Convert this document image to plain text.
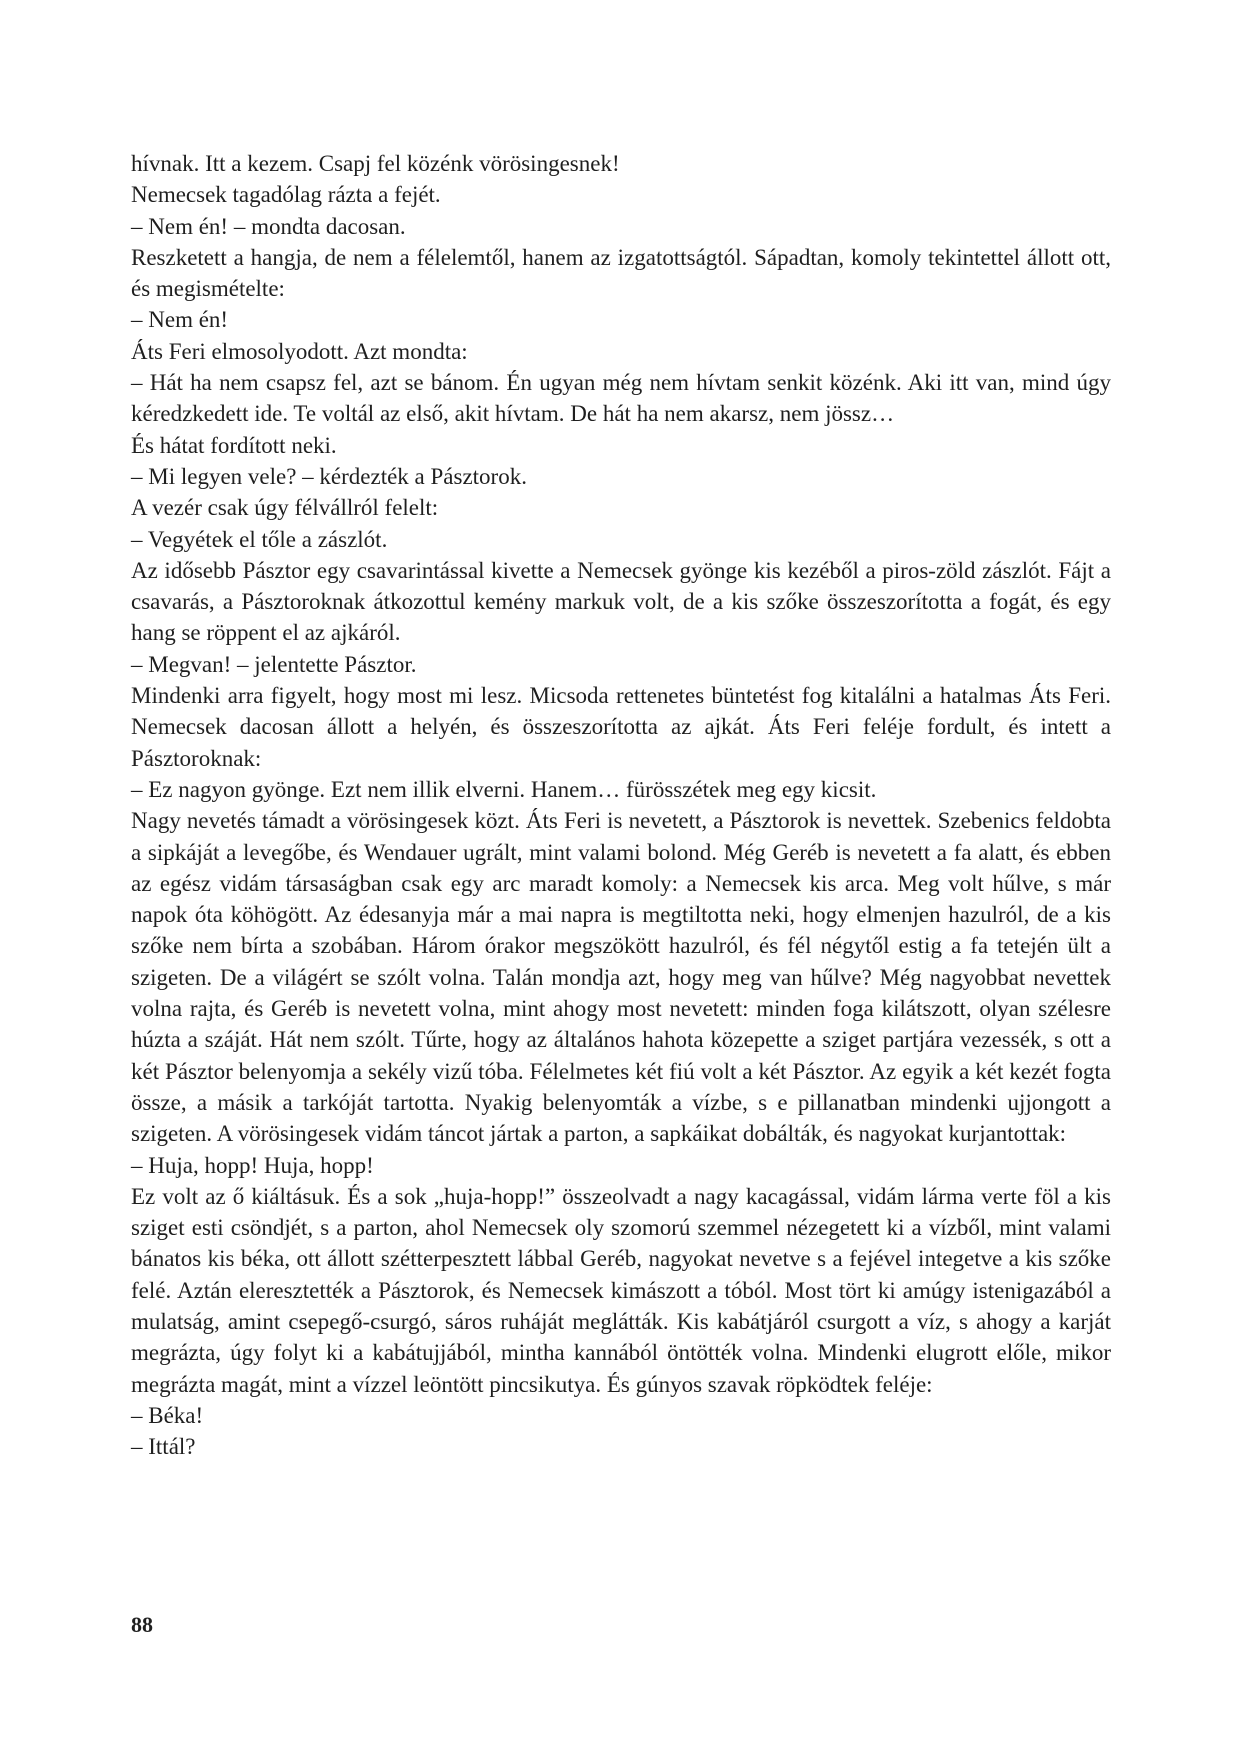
hívnak. Itt a kezem. Csapj fel közénk vörösingesnek!

Nemecsek tagadólag rázta a fejét.

– Nem én! – mondta dacosan.

Reszketett a hangja, de nem a félelemtől, hanem az izgatottságtól. Sápadtan, komoly tekintettel állott ott, és megismételte:

– Nem én!

Áts Feri elmosolyodott. Azt mondta:

– Hát ha nem csapsz fel, azt se bánom. Én ugyan még nem hívtam senkit közénk. Aki itt van, mind úgy kéredzkedett ide. Te voltál az első, akit hívtam. De hát ha nem akarsz, nem jössz…

És hátat fordított neki.

– Mi legyen vele? – kérdezték a Pásztorok.

A vezér csak úgy félvállról felelt:

– Vegyétek el tőle a zászlót.

Az idősebb Pásztor egy csavarintással kivette a Nemecsek gyönge kis kezéből a piros-zöld zászlót. Fájt a csavarás, a Pásztoroknak átkozottul kemény markuk volt, de a kis szőke összeszorította a fogát, és egy hang se röppent el az ajkáról.

– Megvan! – jelentette Pásztor.

Mindenki arra figyelt, hogy most mi lesz. Micsoda rettenetes büntetést fog kitalálni a hatalmas Áts Feri. Nemecsek dacosan állott a helyén, és összeszorította az ajkát. Áts Feri feléje fordult, és intett a Pásztoroknak:

– Ez nagyon gyönge. Ezt nem illik elverni. Hanem… fürösszétek meg egy kicsit.

Nagy nevetés támadt a vörösingesek közt. Áts Feri is nevetett, a Pásztorok is nevettek. Szebenics feldobta a sipkáját a levegőbe, és Wendauer ugrált, mint valami bolond. Még Geréb is nevetett a fa alatt, és ebben az egész vidám társaságban csak egy arc maradt komoly: a Nemecsek kis arca. Meg volt hűlve, s már napok óta köhögött. Az édesanyja már a mai napra is megtiltotta neki, hogy elmenjen hazulról, de a kis szőke nem bírta a szobában. Három órakor megszökött hazulról, és fél négytől estig a fa tetején ült a szigeten. De a világért se szólt volna. Talán mondja azt, hogy meg van hűlve? Még nagyobbat nevettek volna rajta, és Geréb is nevetett volna, mint ahogy most nevetett: minden foga kilátszott, olyan szélesre húzta a száját. Hát nem szólt. Tűrte, hogy az általános hahota közepette a sziget partjára vezessék, s ott a két Pásztor belenyomja a sekély vizű tóba. Félelmetes két fiú volt a két Pásztor. Az egyik a két kezét fogta össze, a másik a tarkóját tartotta. Nyakig belenyomták a vízbe, s e pillanatban mindenki ujjongott a szigeten. A vörösingesek vidám táncot jártak a parton, a sapkáikat dobálták, és nagyokat kurjantottak:

– Huja, hopp! Huja, hopp!

Ez volt az ő kiáltásuk. És a sok „huja-hopp!” összeolvadt a nagy kacagással, vidám lárma verte föl a kis sziget esti csöndjét, s a parton, ahol Nemecsek oly szomorú szemmel nézegetett ki a vízből, mint valami bánatos kis béka, ott állott szétterpesztett lábbal Geréb, nagyokat nevetve s a fejével integetve a kis szőke felé. Aztán eleresztették a Pásztorok, és Nemecsek kimászott a tóból. Most tört ki amúgy istenigazából a mulatság, amint csepegő-csurgó, sáros ruháját meglátták. Kis kabátjáról csurgott a víz, s ahogy a karját megrázta, úgy folyt ki a kabátujjából, mintha kannából öntötték volna. Mindenki elugrott előle, mikor megrázta magát, mint a vízzel leöntött pincsikutya. És gúnyos szavak röpködtek feléje:

– Béka!

– Ittál?

88
